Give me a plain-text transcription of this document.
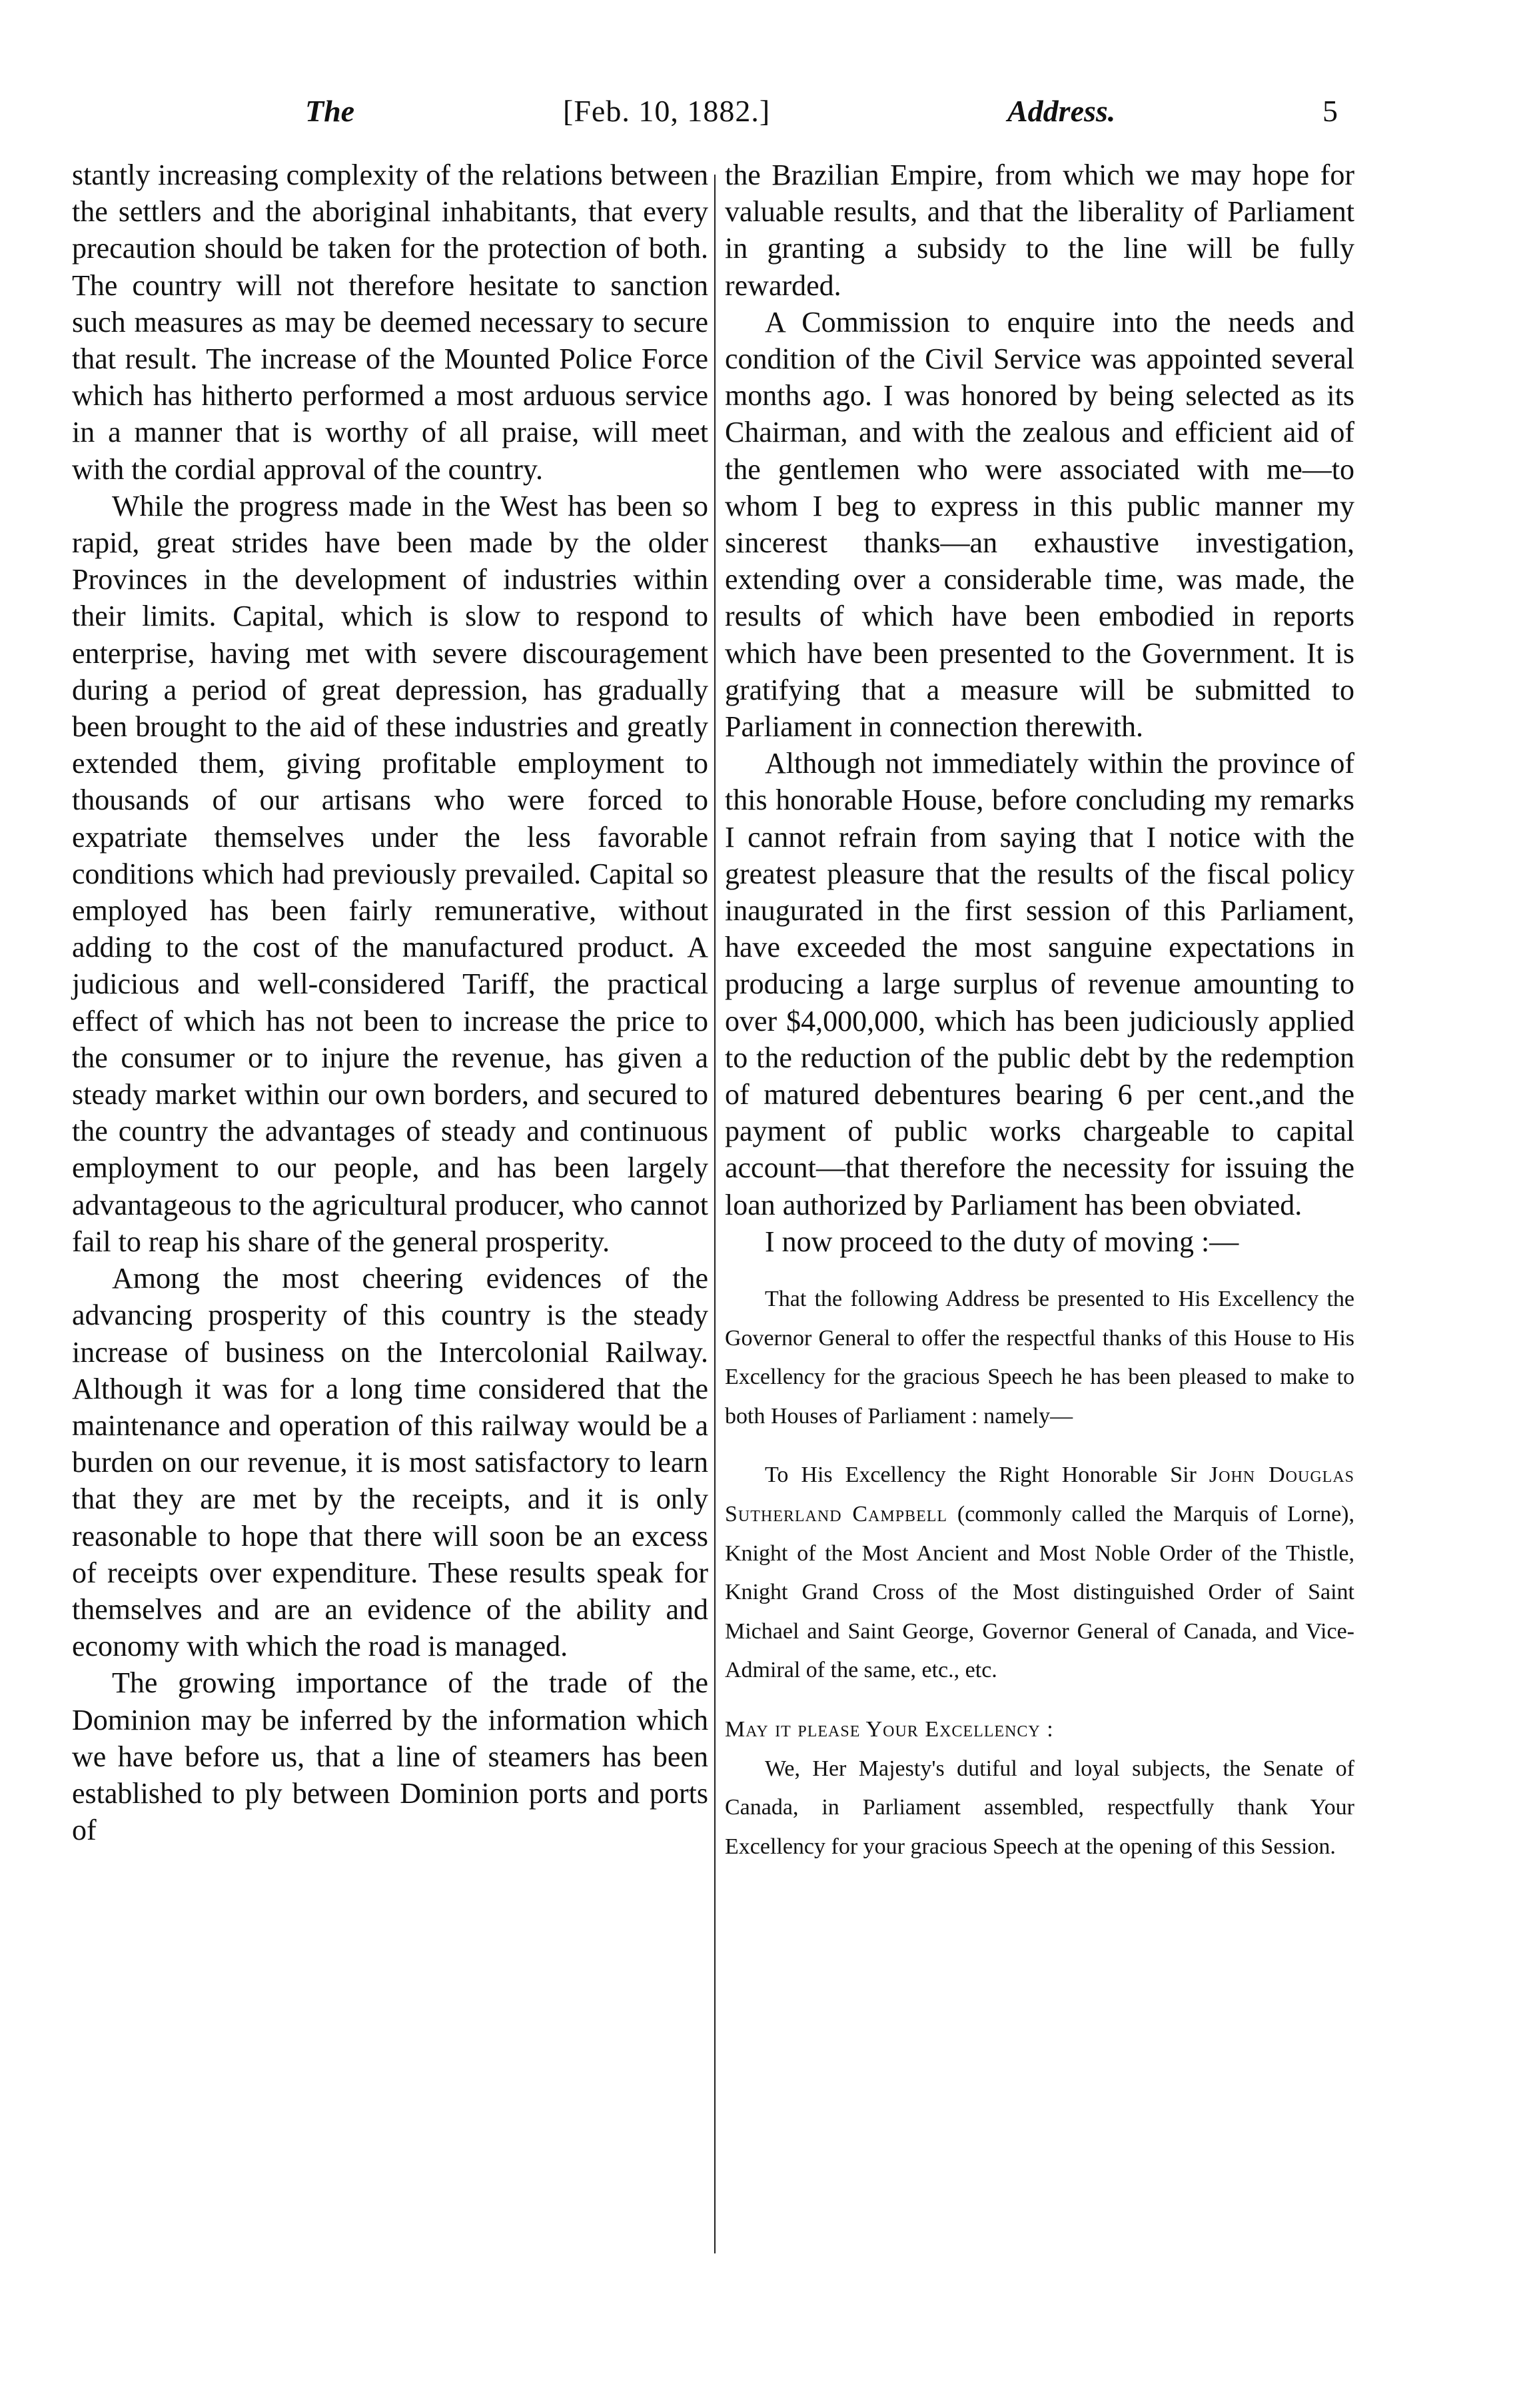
The	[Feb. 10, 1882.]	Address.	5

stantly increasing complexity of the relations between the settlers and the aboriginal inhabitants, that every precaution should be taken for the protection of both. The country will not therefore hesitate to sanction such measures as may be deemed necessary to secure that result. The increase of the Mounted Police Force which has hitherto performed a most arduous service in a manner that is worthy of all praise, will meet with the cordial approval of the country.

While the progress made in the West has been so rapid, great strides have been made by the older Provinces in the development of industries within their limits. Capital, which is slow to respond to enterprise, having met with severe discouragement during a period of great depression, has gradually been brought to the aid of these industries and greatly extended them, giving profitable employment to thousands of our artisans who were forced to expatriate themselves under the less favorable conditions which had previously prevailed. Capital so employed has been fairly remunerative, without adding to the cost of the manufactured product. A judicious and well-considered Tariff, the practical effect of which has not been to increase the price to the consumer or to injure the revenue, has given a steady market within our own borders, and secured to the country the advantages of steady and continuous employment to our people, and has been largely advantageous to the agricultural producer, who cannot fail to reap his share of the general prosperity.

Among the most cheering evidences of the advancing prosperity of this country is the steady increase of business on the Intercolonial Railway. Although it was for a long time considered that the maintenance and operation of this railway would be a burden on our revenue, it is most satisfactory to learn that they are met by the receipts, and it is only reasonable to hope that there will soon be an excess of receipts over expenditure. These results speak for themselves and are an evidence of the ability and economy with which the road is managed.

The growing importance of the trade of the Dominion may be inferred by the information which we have before us, that a line of steamers has been established to ply between Dominion ports and ports of

the Brazilian Empire, from which we may hope for valuable results, and that the liberality of Parliament in granting a subsidy to the line will be fully rewarded.

A Commission to enquire into the needs and condition of the Civil Service was appointed several months ago. I was honored by being selected as its Chairman, and with the zealous and efficient aid of the gentlemen who were associated with me—to whom I beg to express in this public manner my sincerest thanks—an exhaustive investigation, extending over a considerable time, was made, the results of which have been embodied in reports which have been presented to the Government. It is gratifying that a measure will be submitted to Parliament in connection therewith.

Although not immediately within the province of this honorable House, before concluding my remarks I cannot refrain from saying that I notice with the greatest pleasure that the results of the fiscal policy inaugurated in the first session of this Parliament, have exceeded the most sanguine expectations in producing a large surplus of revenue amounting to over $4,000,000, which has been judiciously applied to the reduction of the public debt by the redemption of matured debentures bearing 6 per cent.,and the payment of public works chargeable to capital account—that therefore the necessity for issuing the loan authorized by Parliament has been obviated.

I now proceed to the duty of moving :—

That the following Address be presented to His Excellency the Governor General to offer the respectful thanks of this House to His Excellency for the gracious Speech he has been pleased to make to both Houses of Parliament : namely—

To His Excellency the Right Honorable Sir John Douglas Sutherland Campbell (commonly called the Marquis of Lorne), Knight of the Most Ancient and Most Noble Order of the Thistle, Knight Grand Cross of the Most distinguished Order of Saint Michael and Saint George, Governor General of Canada, and Vice-Admiral of the same, etc., etc.

May it please Your Excellency :

We, Her Majesty's dutiful and loyal subjects, the Senate of Canada, in Parliament assembled, respectfully thank Your Excellency for your gracious Speech at the opening of this Session.
